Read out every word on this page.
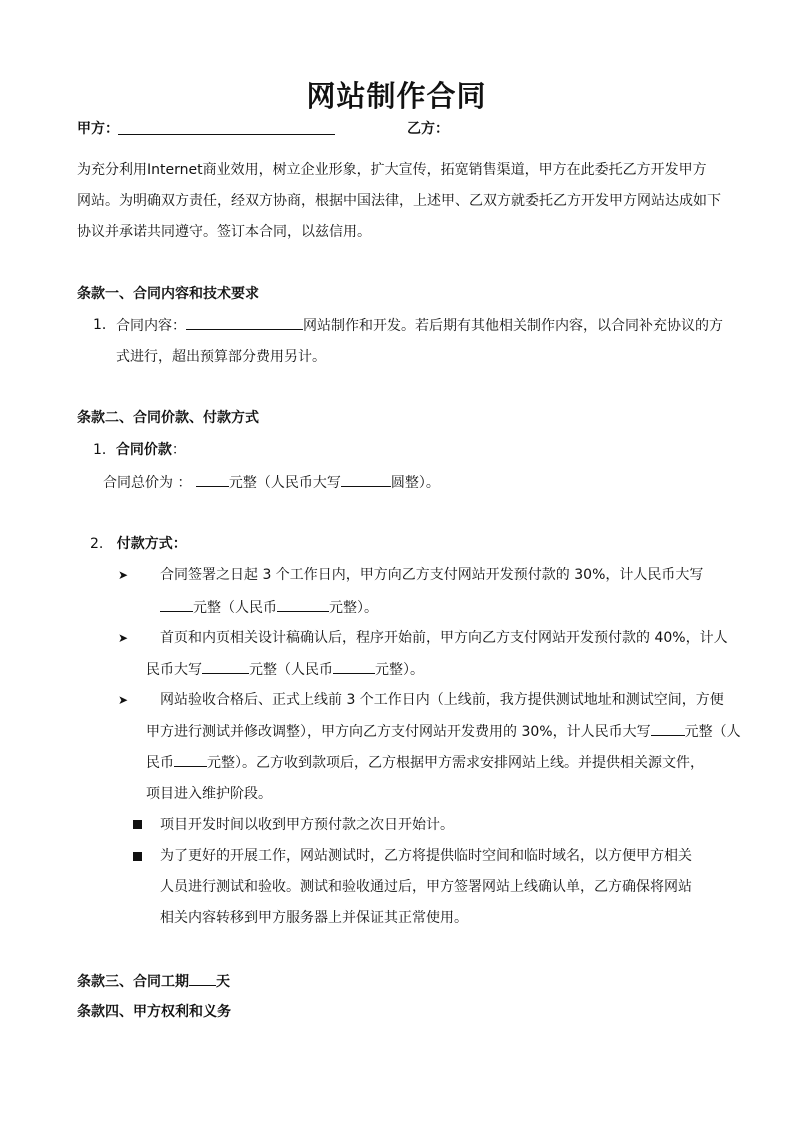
网站制作合同
甲方：	乙方：
为充分利用Internet商业效用，树立企业形象，扩大宣传，拓宽销售渠道，甲方在此委托乙方开发甲方
网站。为明确双方责任，经双方协商，根据中国法律，上述甲、乙双方就委托乙方开发甲方网站达成如下
协议并承诺共同遵守。签订本合同，以兹信用。
条款一、合同内容和技术要求
1． 合同内容：	网站制作和开发。若后期有其他相关制作内容，以合同补充协议的方
式进行，超出预算部分费用另计。
条款二、合同价款、付款方式
1．合同价款：
合同总价为 ：	元整（人民币大写	圆整）。
2. 付款方式：
➤ 合同签署之日起 3 个工作日内，甲方向乙方支付网站开发预付款的 30%，计人民币大写
元整（人民币	元整）。
➤ 首页和内页相关设计稿确认后，程序开始前，甲方向乙方支付网站开发预付款的 40%，计人
民币大写	元整（人民币	元整）。
➤ 网站验收合格后、正式上线前 3 个工作日内（上线前，我方提供测试地址和测试空间，方便
甲方进行测试并修改调整），甲方向乙方支付网站开发费用的 30%，计人民币大写 元整（人
民币 元整）。乙方收到款项后，乙方根据甲方需求安排网站上线。并提供相关源文件，
项目进入维护阶段。
项目开发时间以收到甲方预付款之次日开始计。
为了更好的开展工作，网站测试时，乙方将提供临时空间和临时域名，以方便甲方相关
人员进行测试和验收。测试和验收通过后，甲方签署网站上线确认单，乙方确保将网站
相关内容转移到甲方服务器上并保证其正常使用。
条款三、合同工期 天
条款四、甲方权利和义务
